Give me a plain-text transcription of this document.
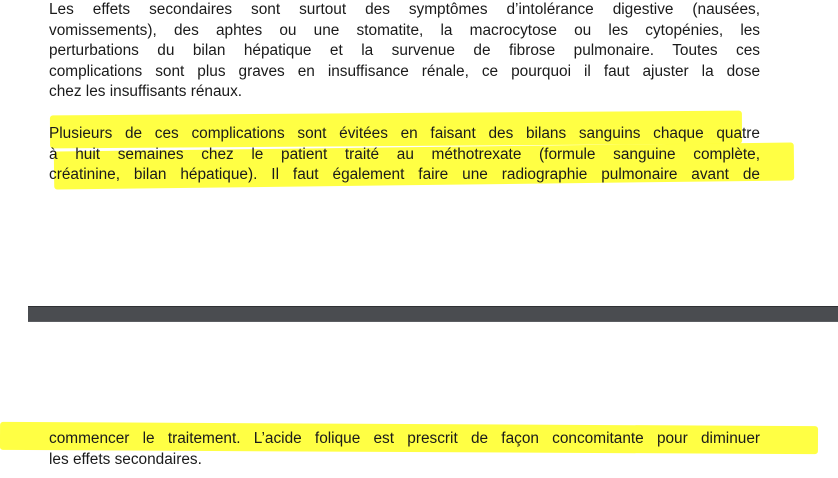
Les effets secondaires sont surtout des symptômes d’intolérance digestive (nausées,
vomissements), des aphtes ou une stomatite, la macrocytose ou les cytopénies, les
perturbations du bilan hépatique et la survenue de fibrose pulmonaire. Toutes ces
complications sont plus graves en insuffisance rénale, ce pourquoi il faut ajuster la dose
chez les insuffisants rénaux.
Plusieurs de ces complications sont évitées en faisant des bilans sanguins chaque quatre
à huit semaines chez le patient traité au méthotrexate (formule sanguine complète,
créatinine, bilan hépatique). Il faut également faire une radiographie pulmonaire avant de
commencer le traitement. L’acide folique est prescrit de façon concomitante pour diminuer
les effets secondaires.
